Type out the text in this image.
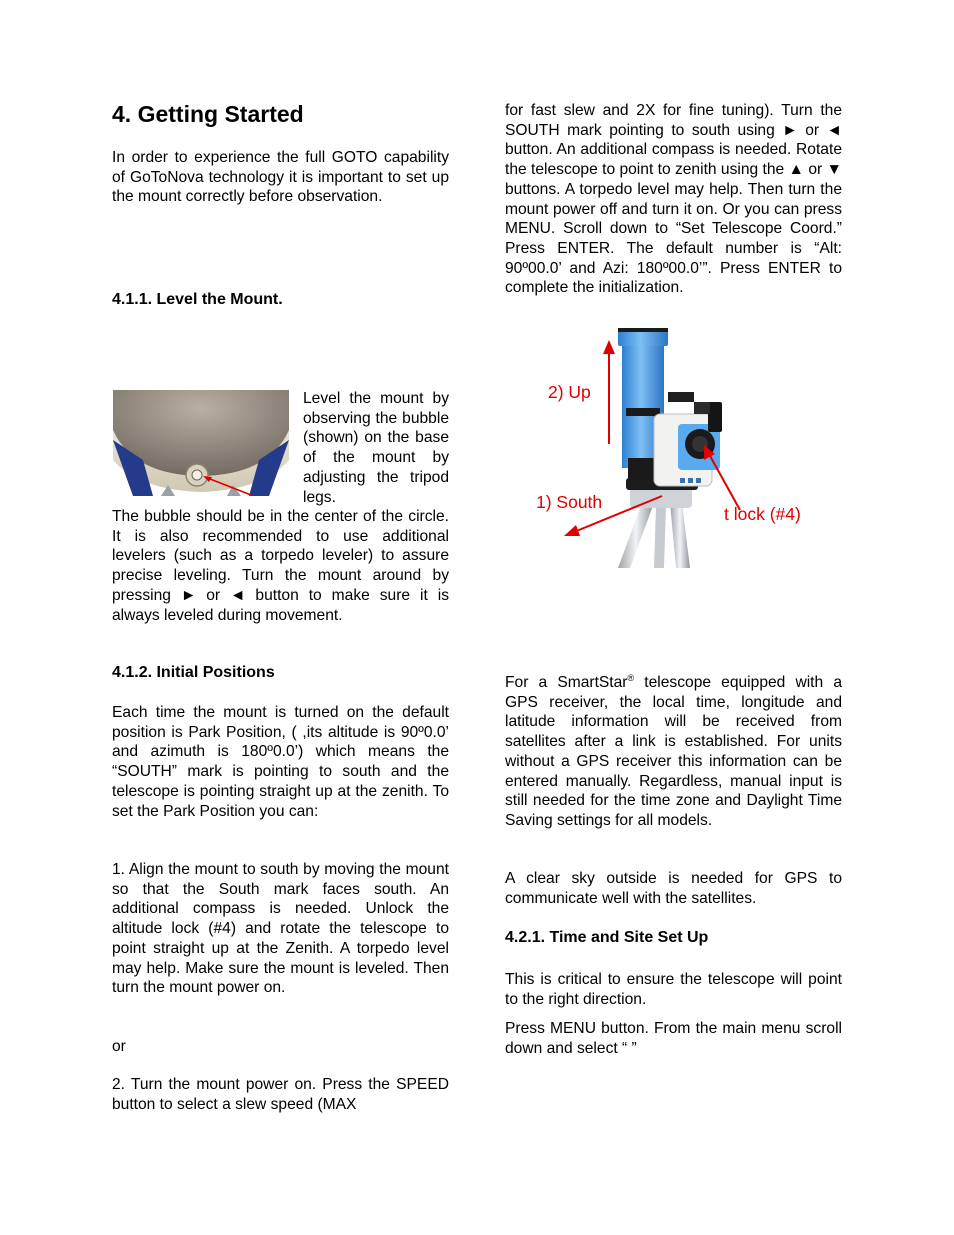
4. Getting Started

In order to experience the full GOTO capability of GoToNova technology it is important to set up the mount correctly before observation.

4.1.1. Level the Mount.

Level the mount by observing the bubble (shown) on the base of the mount by adjusting the tripod legs.

The bubble should be in the center of the circle. It is also recommended to use additional levelers (such as a torpedo leveler) to assure precise leveling. Turn the mount around by pressing ► or ◄ button to make sure it is always leveled during movement.

4.1.2. Initial Positions

Each time the mount is turned on the default position is Park Position, ( ,its altitude is 90º0.0’ and azimuth is 180º0.0’) which means the “SOUTH” mark is pointing to south and the telescope is pointing straight up at the zenith. To set the Park Position you can:

1. Align the mount to south by moving the mount so that the South mark faces south. An additional compass is needed. Unlock the altitude lock (#4) and rotate the telescope to point straight up at the Zenith. A torpedo level may help. Make sure the mount is leveled. Then turn the mount power on.

or

2. Turn the mount power on. Press the SPEED button to select a slew speed (MAX

for fast slew and 2X for fine tuning). Turn the SOUTH mark pointing to south using ► or ◄ button. An additional compass is needed. Rotate the telescope to point to zenith using the ▲ or ▼ buttons. A torpedo level may help. Then turn the mount power off and turn it on. Or you can press MENU. Scroll down to “Set Telescope Coord.” Press ENTER. The default number is “Alt: 90º00.0’ and Azi: 180º00.0’”. Press ENTER to complete the initialization.

2) Up
1) South
t lock (#4)

For a SmartStar® telescope equipped with a GPS receiver, the local time, longitude and latitude information will be received from satellites after a link is established. For units without a GPS receiver this information can be entered manually. Regardless, manual input is still needed for the time zone and Daylight Time Saving settings for all models.

A clear sky outside is needed for GPS to communicate well with the satellites.

4.2.1. Time and Site Set Up

This is critical to ensure the telescope will point to the right direction.

Press MENU button. From the main menu scroll down and select “ ”
